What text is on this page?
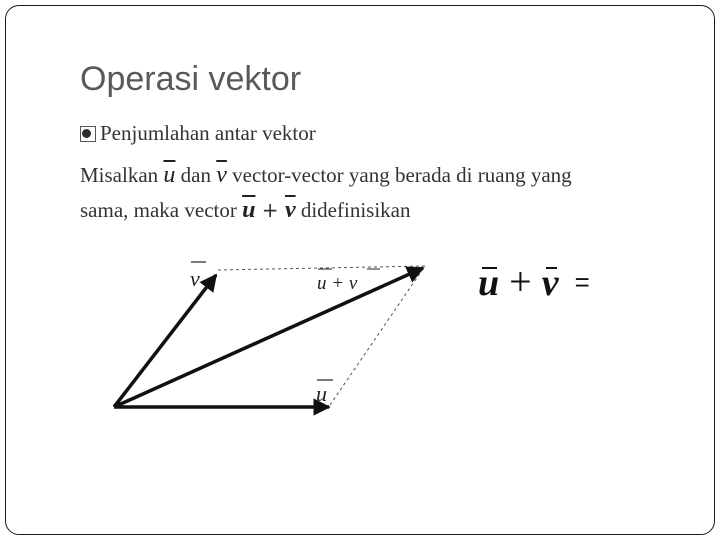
Operasi vektor
Penjumlahan antar vektor
Misalkan $\overline{u}$ dan $\overline{v}$ vector-vector yang berada di ruang yang
sama, maka vector $\overline{u} + \overline{v}$ didefinisikan
v	u + v
u
u + v =
